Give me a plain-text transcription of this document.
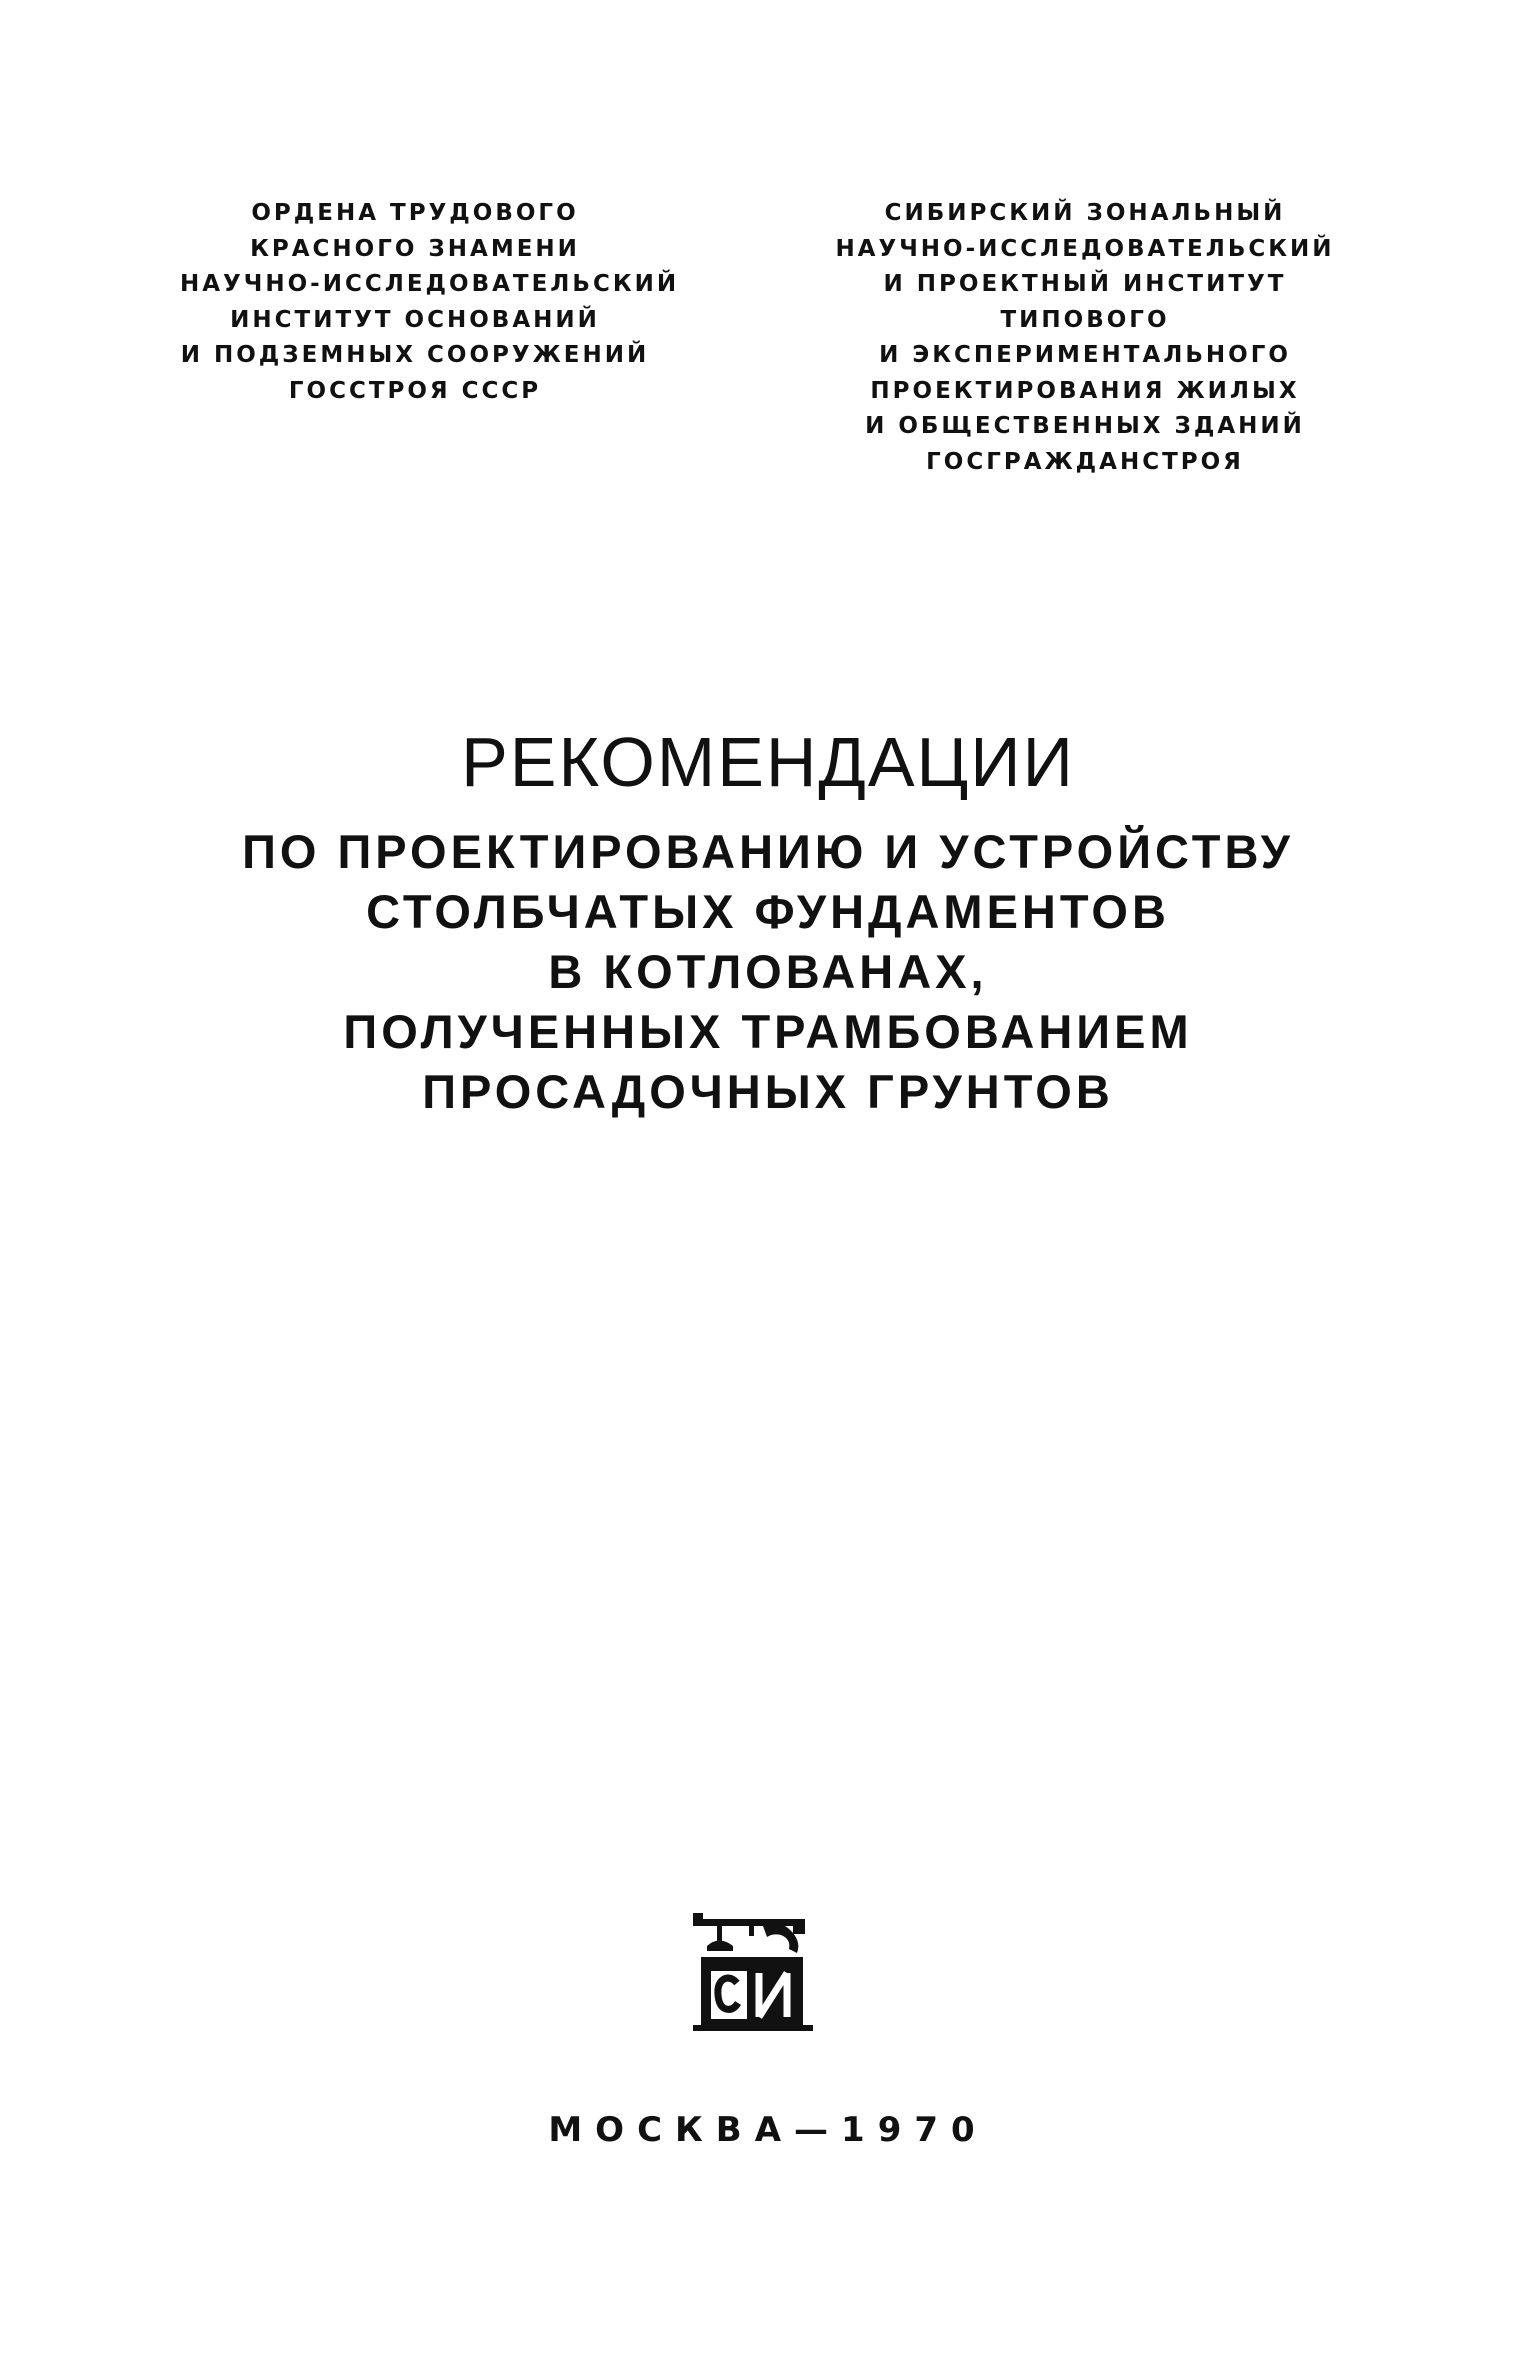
ОРДЕНА ТРУДОВОГО
КРАСНОГО ЗНАМЕНИ
НАУЧНО-ИССЛЕДОВАТЕЛЬСКИЙ
ИНСТИТУТ ОСНОВАНИЙ
И ПОДЗЕМНЫХ СООРУЖЕНИЙ
ГОССТРОЯ СССР
СИБИРСКИЙ ЗОНАЛЬНЫЙ
НАУЧНО-ИССЛЕДОВАТЕЛЬСКИЙ
И ПРОЕКТНЫЙ ИНСТИТУТ
ТИПОВОГО
И ЭКСПЕРИМЕНТАЛЬНОГО
ПРОЕКТИРОВАНИЯ ЖИЛЫХ
И ОБЩЕСТВЕННЫХ ЗДАНИЙ
ГОСГРАЖДАНСТРОЯ
РЕКОМЕНДАЦИИ
ПО ПРОЕКТИРОВАНИЮ И УСТРОЙСТВУ
СТОЛБЧАТЫХ ФУНДАМЕНТОВ
В КОТЛОВАНАХ,
ПОЛУЧЕННЫХ ТРАМБОВАНИЕМ
ПРОСАДОЧНЫХ ГРУНТОВ
МОСКВА—1970
